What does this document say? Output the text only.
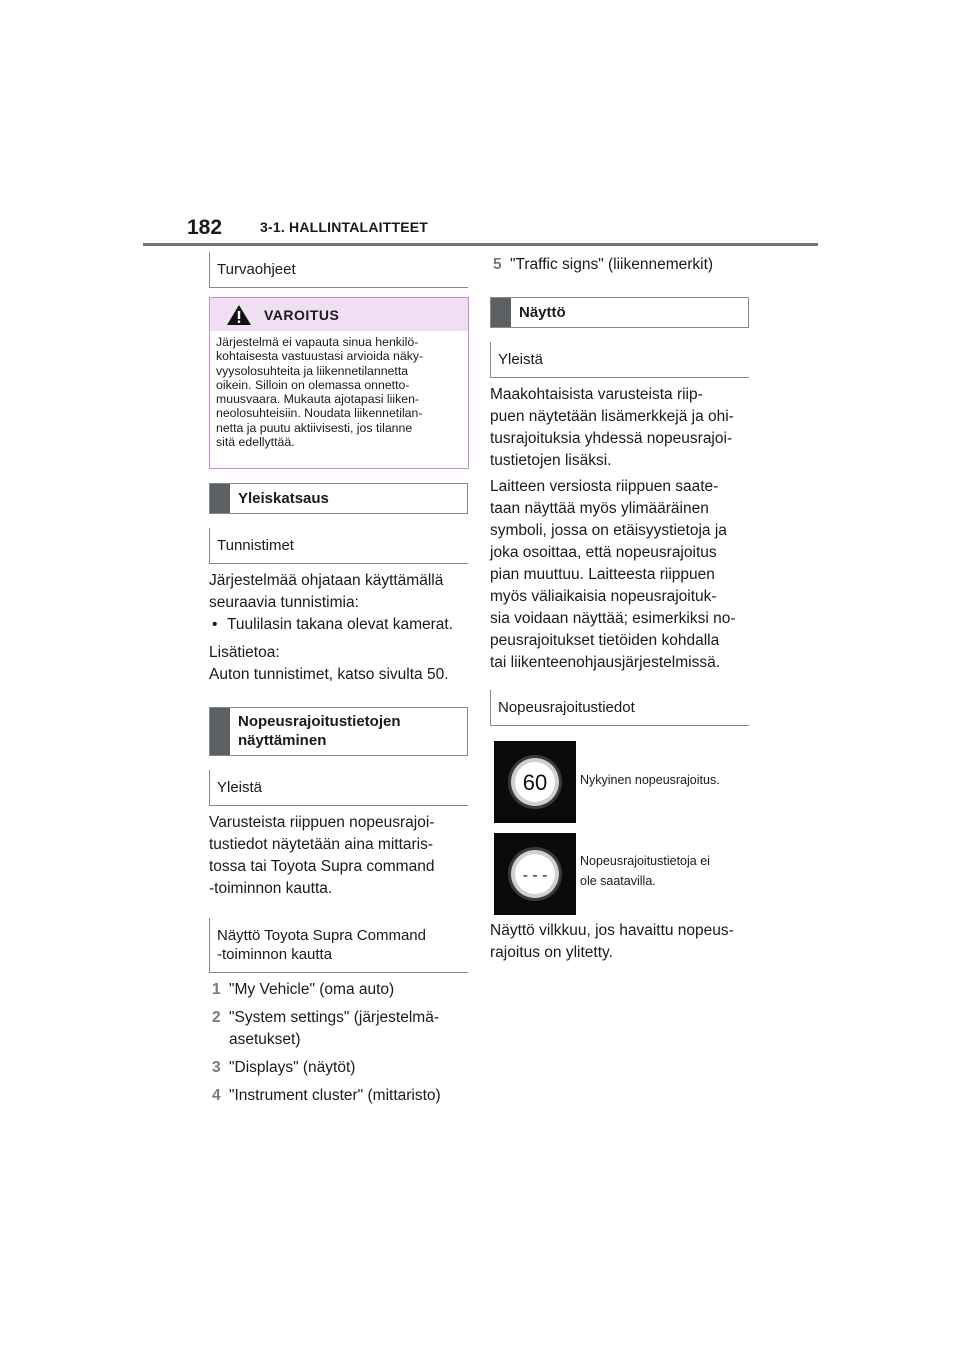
182	3-1. HALLINTALAITTEET
Turvaohjeet
VAROITUS
Järjestelmä ei vapauta sinua henkilö-
kohtaisesta vastuustasi arvioida näky-
vyysolosuhteita ja liikennetilannetta
oikein. Silloin on olemassa onnetto-
muusvaara. Mukauta ajotapasi liiken-
neolosuhteisiin. Noudata liikennetilan-
netta ja puutu aktiivisesti, jos tilanne
sitä edellyttää.
Yleiskatsaus
Tunnistimet

Järjestelmää ohjataan käyttämällä

seuraavia tunnistimia:

• Tuulilasin takana olevat kamerat.

Lisätietoa:

Auton tunnistimet, katso sivulta 50.

Nopeusrajoitustietojen
näyttäminen
Yleistä

Varusteista riippuen nopeusrajoi-

tustiedot näytetään aina mittaris-

tossa tai Toyota Supra command

-toiminnon kautta.

Näyttö Toyota Supra Command
-toiminnon kautta
1 "My Vehicle" (oma auto)
2 "System settings" (järjestelmä-
asetukset)
3 "Displays" (näytöt)
4 "Instrument cluster" (mittaristo)
5 "Traffic signs" (liikennemerkit)
Näyttö
Yleistä

Maakohtaisista varusteista riip-

puen näytetään lisämerkkejä ja ohi-

tusrajoituksia yhdessä nopeusrajoi-

tustietojen lisäksi.

Laitteen versiosta riippuen saate-

taan näyttää myös ylimääräinen

symboli, jossa on etäisyystietoja ja

joka osoittaa, että nopeusrajoitus

pian muuttuu. Laitteesta riippuen

myös väliaikaisia nopeusrajoituk-

sia voidaan näyttää; esimerkiksi no-

peusrajoitukset tietöiden kohdalla

tai liikenteenohjausjärjestelmissä.

Nopeusrajoitustiedot
60	Nykyinen nopeusrajoitus.
- - -
Nopeusrajoitustietoja ei
ole saatavilla.

Näyttö vilkkuu, jos havaittu nopeus-

rajoitus on ylitetty.
